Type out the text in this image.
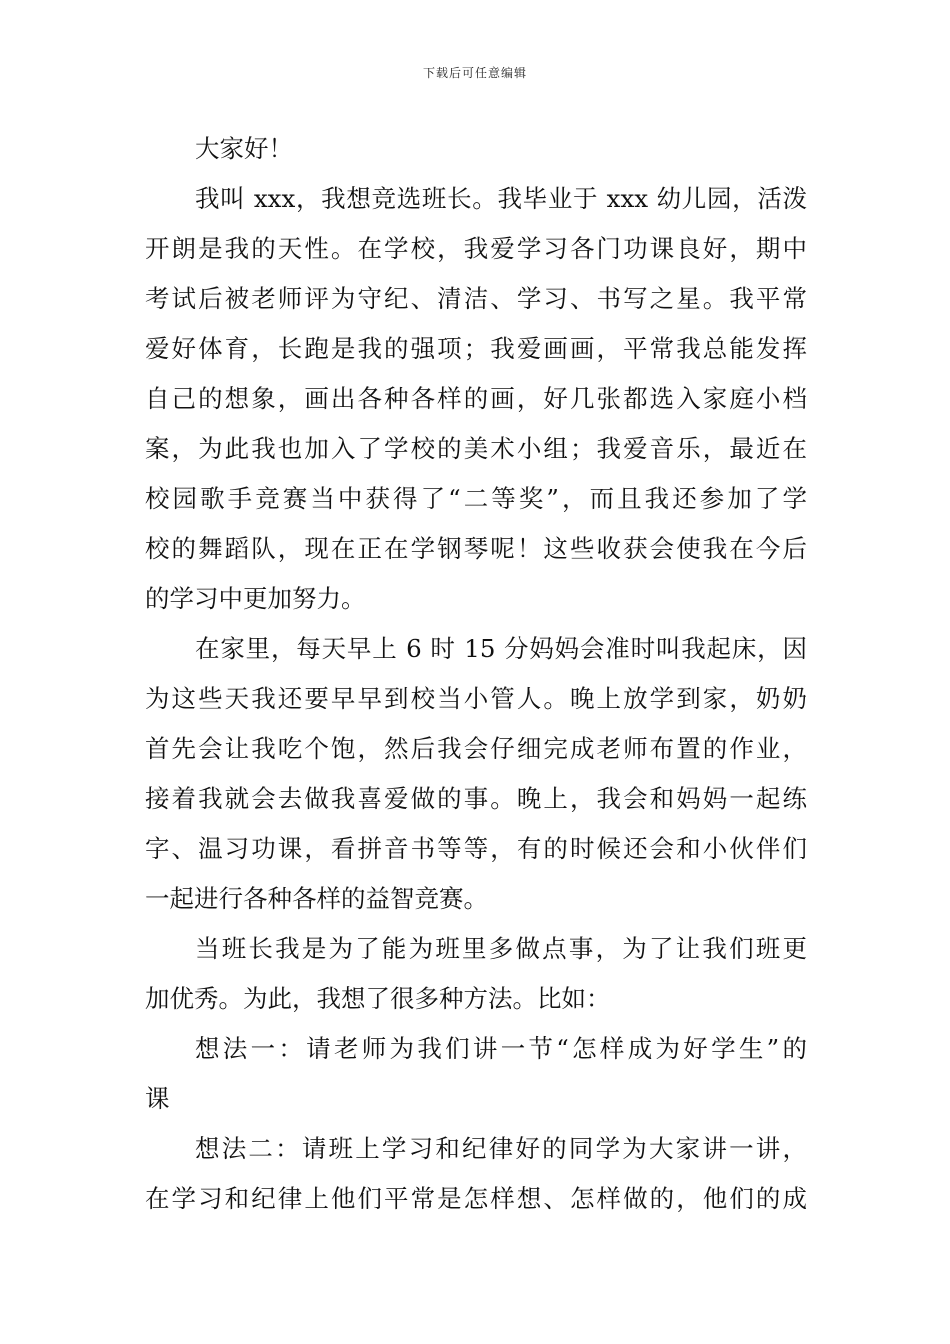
下载后可任意编辑
大家好！
我叫 xxx，我想竞选班长。我毕业于 xxx 幼儿园，活泼
开朗是我的天性。在学校，我爱学习各门功课良好，期中
考试后被老师评为守纪、清洁、学习、书写之星。我平常
爱好体育，长跑是我的强项；我爱画画，平常我总能发挥
自己的想象，画出各种各样的画，好几张都选入家庭小档
案，为此我也加入了学校的美术小组；我爱音乐，最近在
校园歌手竞赛当中获得了“二等奖”，而且我还参加了学
校的舞蹈队，现在正在学钢琴呢！这些收获会使我在今后
的学习中更加努力。
在家里，每天早上 6 时 15 分妈妈会准时叫我起床，因
为这些天我还要早早到校当小管人。晚上放学到家，奶奶
首先会让我吃个饱，然后我会仔细完成老师布置的作业，
接着我就会去做我喜爱做的事。晚上，我会和妈妈一起练
字、温习功课，看拼音书等等，有的时候还会和小伙伴们
一起进行各种各样的益智竞赛。
当班长我是为了能为班里多做点事，为了让我们班更
加优秀。为此，我想了很多种方法。比如：
想法一：请老师为我们讲一节“怎样成为好学生”的
课
想法二：请班上学习和纪律好的同学为大家讲一讲，
在学习和纪律上他们平常是怎样想、怎样做的，他们的成
